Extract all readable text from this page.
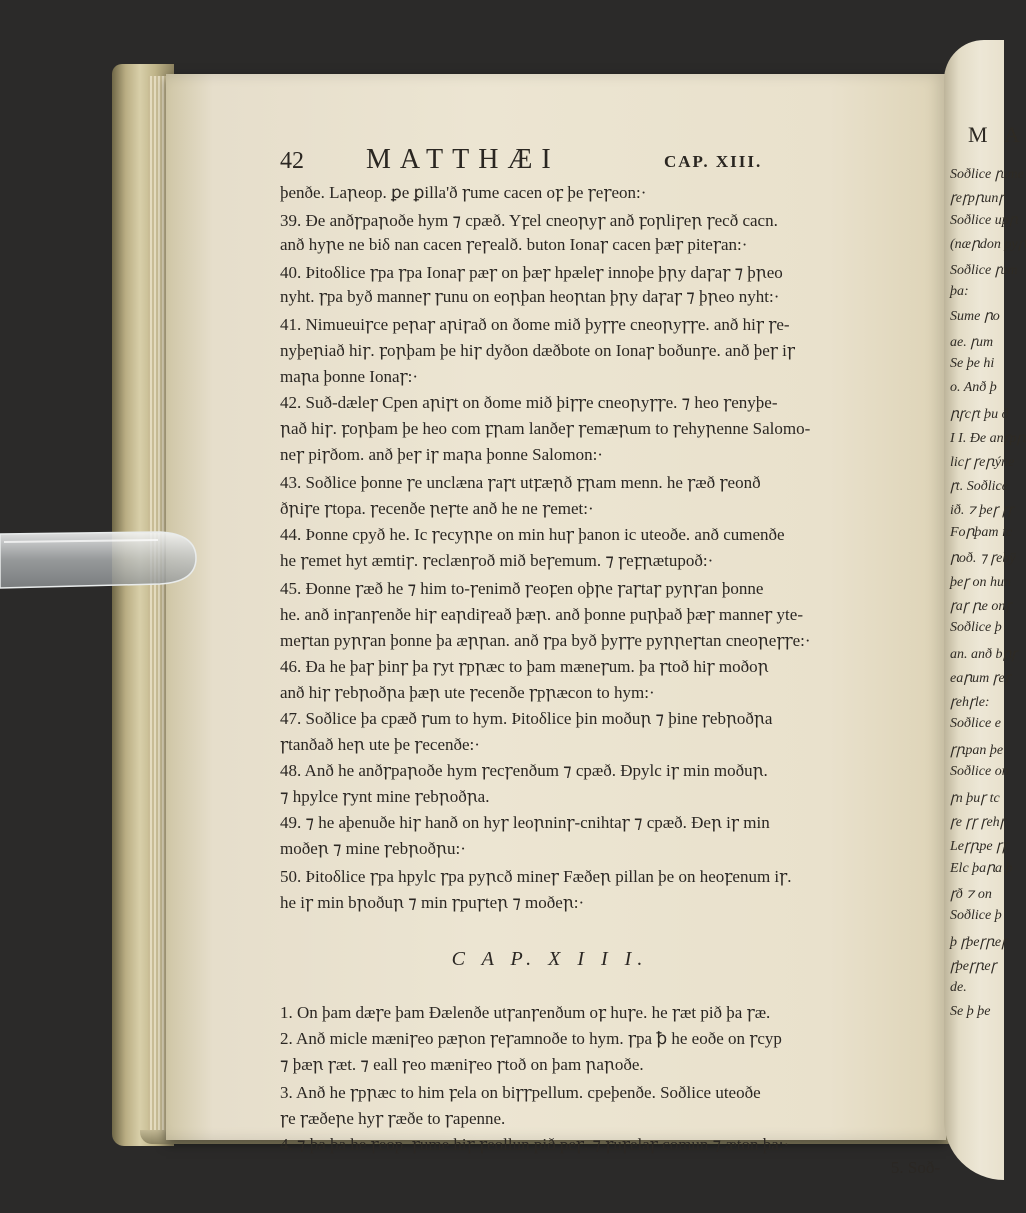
42 MATTHÆI	CAP. XIII.
þenðe. Laꞃeop. ꝑe ꝑilla'ð ꞅume cacen oꝼ þe ꞅeꞅeon:·
39. Ðe anðꞅpaꞃoðe hym ⁊ cpæð. Yꝼel cneoꞃyꞅ anð ꝼoꞃliꞅeꞃ ꞅecð cacn.
anð hyꞃe ne biδ nan cacen ꞅeꞅealð. buton Ionaꞅ cacen þæꞅ piteꞅan:·
40. Þitoδlice ꞅpa ꞅpa Ionaꞅ pæꞅ on þæꞅ hpæleꞅ innoþe þꞃy daꞅaꞅ ⁊ þꞃeo
nyht. ꞅpa byð manneꞅ ꞅunu on eoꞃþan heoꞃtan þꞃy daꞅaꞅ ⁊ þꞃeo nyht:·
41. Nimueuiꞅce peꞃaꞅ aꞃiꞅað on ðome mið þyꞅꞅe cneoꞃyꞅꞅe. anð hiꞅ ꞅe-
nyþeꞃiað hiꞅ. ꝼoꞃþam þe hiꞅ dyðon dæðbote on Ionaꞅ boðunꞅe. anð þeꞅ iꞅ
maꞃa þonne Ionaꞅ:·
42. Suð-dæleꞅ Cpen aꞃiꞅt on ðome mið þiꞅꞅe cneoꞃyꞅꞅe. ⁊ heo ꞅenyþe-
ꞃað hiꞅ. ꝼoꞃþam þe heo com ꝼꞃam lanðeꞅ ꞅemæꞃum to ꞅehyꞃenne Salomo-
neꞅ piꞅðom. anð þeꞅ iꞅ maꞃa þonne Salomon:·
43. Soðlice þonne ꞅe unclæna ꞅaꞅt utꝼæꞃð ꝼꞃam menn. he ꞅæð ꞅeonð
ðꞃiꞅe ꞅtopa. ꞅecenðe ꞃeꞅte anð he ne ꞅemet:·
44. Þonne cpyð he. Ic ꞅecyꞃꞃe on min huꞅ þanon ic uteoðe. anð cumenðe
he ꞅemet hyt æmtiꞅ. ꞅeclænꞅoð mið beꞅemum. ⁊ ꞅeꝼꞃætupoð:·
45. Ðonne ꞅæð he ⁊ him to-ꞅenimð ꞅeoꝼen oþꞃe ꞅaꞅtaꞅ pyꞃꞅan þonne
he. anð inꞅanꞅenðe hiꞅ eaꞃdiꞅeað þæꞃ. anð þonne puꞃþað þæꞅ manneꞅ yte-
meꞅtan pyꞃꞅan þonne þa æꞃꞃan. anð ꞅpa byð þyꞅꞅe pyꞃꞃeꞅtan cneoꞃeꞅꞅe:·
46. Ða he þaꞅ þinꞅ þa ꞅyt ꞅpꞃæc to þam mæneꞅum. þa ꞅtoð hiꞅ moðoꞃ
anð hiꞅ ꞅebꞃoðꞃa þæꞃ ute ꞅecenðe ꞅpꞃæcon to hym:·
47. Soðlice þa cpæð ꞅum to hym. Þitoδlice þin moðuꞃ ⁊ þine ꞅebꞃoðꞃa
ꞅtanðað heꞃ ute þe ꞅecenðe:·
48. Anð he anðꞅpaꞃoðe hym ꞅecꞅenðum ⁊ cpæð. Ðpylc iꞅ min moðuꞃ.
⁊ hpylce ꞅynt mine ꞅebꞃoðꞃa.
49. ⁊ he aþenuðe hiꞅ hanð on hyꞅ leoꞃninꞅ-cnihtaꞅ ⁊ cpæð. Ðeꞃ iꞅ min
moðeꞃ ⁊ mine ꞅebꞃoðꞃu:·
50. Þitoδlice ꞅpa hpylc ꞅpa pyꞃcð mineꞅ Fæðeꞃ pillan þe on heoꝼenum iꞅ.
he iꞅ min bꞃoðuꞃ ⁊ min ꞅpuꞅteꞃ ⁊ moðeꞃ:·
C A P. X I I I.
1. On þam dæꞅe þam Ðælenðe utꞅanꞅenðum oꝼ huꞅe. he ꞅæt pið þa ꞅæ.
2. Anð micle mæniꞅeo pæꞃon ꞅeꞅamnoðe to hym. ꞅpa ꝥ he eoðe on ꞅcyp
⁊ þæꞃ ꞅæt. ⁊ eall ꞅeo mæniꞅeo ꞅtoð on þam ꞃaꞃoðe.
3. Anð he ꞅpꞃæc to him ꝼela on biꞅꞅpellum. cpeþenðe. Soðlice uteoðe
ꞅe ꞅæðeꞃe hyꞅ ꞅæðe to ꞅapenne.
4. ⁊ þa þa he ꞅeop. ꞅume hiꞅ ꝼeollun pið peꞅ. ⁊ ꝼuꞅelaꞅ comun ⁊ æton þa:·
5. Soð-
M A
Soðlice ꞅume
ꞅeꞅpꞃunꞅ
Soðlice upꞃ
(næꞃdon pyꞃ
Soðlice ꞅum
þa:
Sume ꞃo
ae. ꞅum
Se þe hi
o. Anð þ
ꞃꞅcꞅt þu ð
I I. Ðe anꞅpꞃ
licꞅ ꞅeꞃýne
ꞅt. Soðlice
ið. ⁊ þeꞅ ꞅꞅ
Foꞃþam ic
ꞃoð. ⁊ ꞅebȳ
þeꞅ on hun
ꞅaꞅ ꞃe onꞅ
Soðlice þ
an. anð bꞃꞅ
eaꞃum ꞅeꞅ
ꞅehꞅle:
Soðlice e
ꞅꞃpan þe
Soðlice on
ꞅn þuꞅ tc
ꞅe ꞅꞅ ꞅehꞅ
Leꞅꞃpe ꞅꞅ
Elc þaꞃa þ
ꞅð ⁊ on
Soðlice þ
þ ꞅþeꞅꞃeꞅ
ꞅþeꞅꞃeꞅ
de.
Se þ þe
